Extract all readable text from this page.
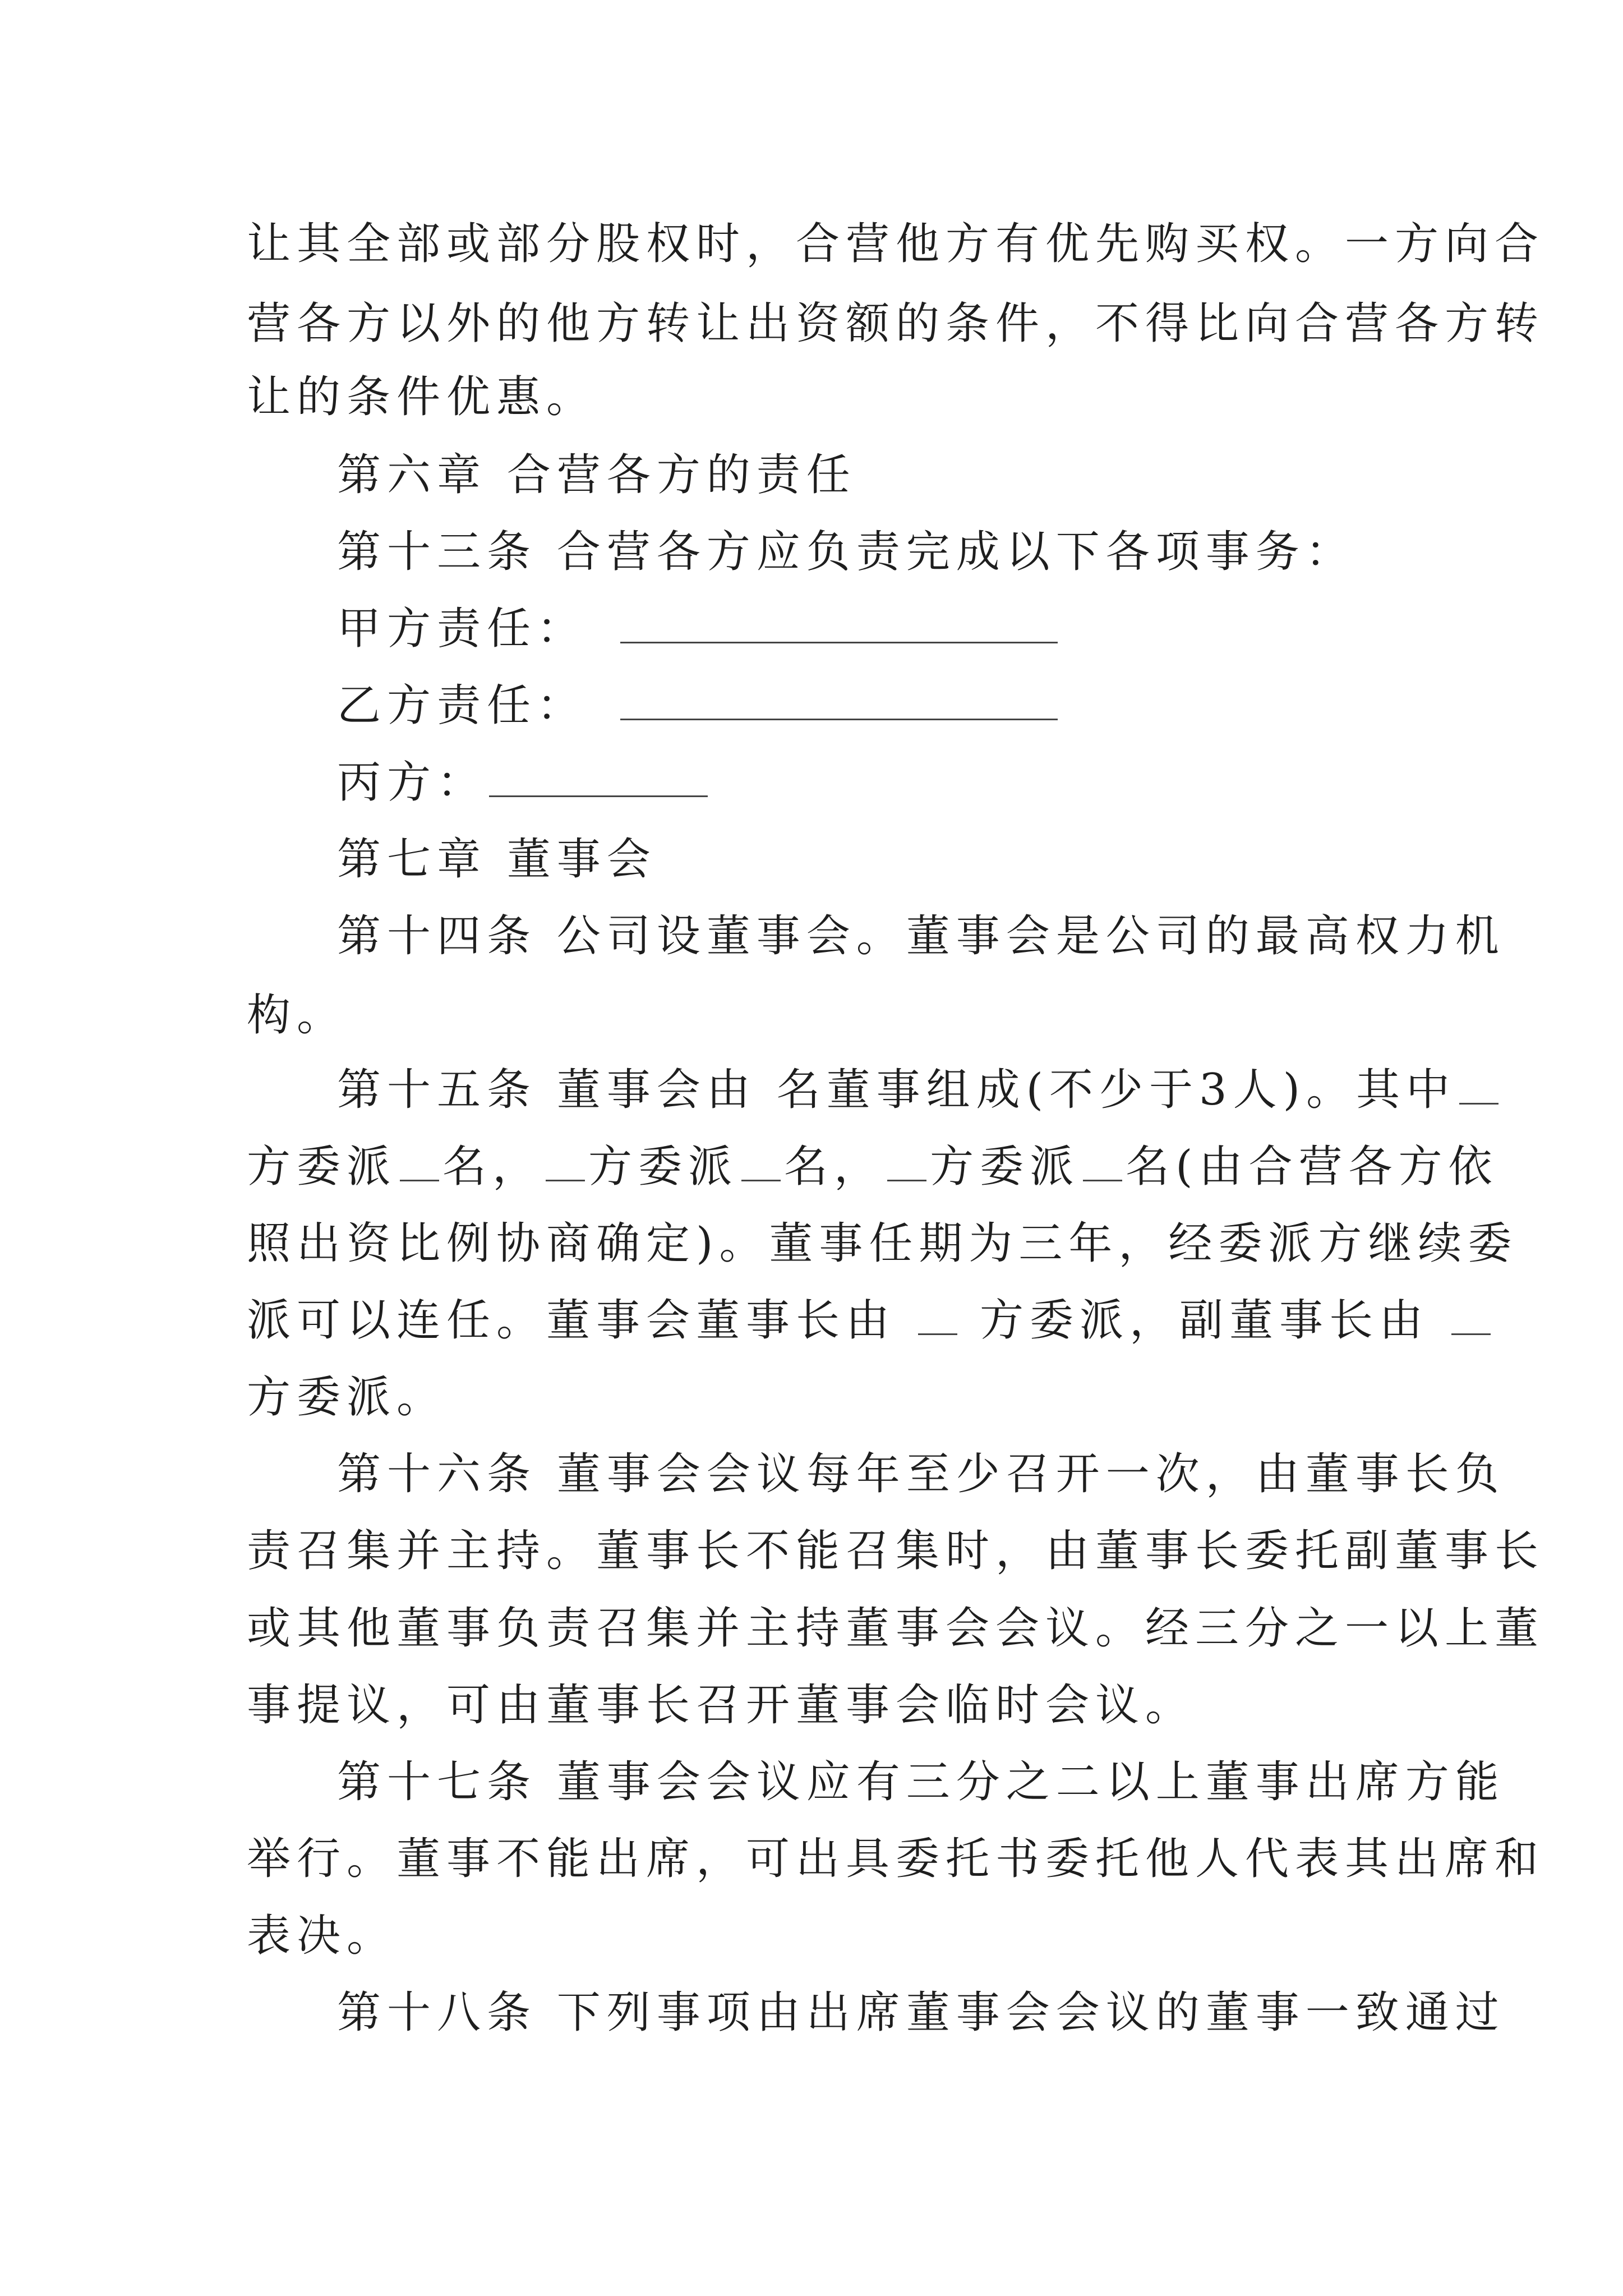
让其全部或部分股权时，合营他方有优先购买权。一方向合
营各方以外的他方转让出资额的条件，不得比向合营各方转
让的条件优惠。
第六章 合营各方的责任
第十三条 合营各方应负责完成以下各项事务：
甲方责任：
乙方责任：
丙方：
第七章 董事会
第十四条 公司设董事会。董事会是公司的最高权力机
构。
第十五条 董事会由 名董事组成(不少于3人)。其中
方委派 名， 方委派 名， 方委派 名(由合营各方依
照出资比例协商确定)。董事任期为三年，经委派方继续委
派可以连任。董事会董事长由 方委派，副董事长由
方委派。
第十六条 董事会会议每年至少召开一次，由董事长负
责召集并主持。董事长不能召集时，由董事长委托副董事长
或其他董事负责召集并主持董事会会议。经三分之一以上董
事提议，可由董事长召开董事会临时会议。
第十七条 董事会会议应有三分之二以上董事出席方能
举行。董事不能出席，可出具委托书委托他人代表其出席和
表决。
第十八条 下列事项由出席董事会会议的董事一致通过
